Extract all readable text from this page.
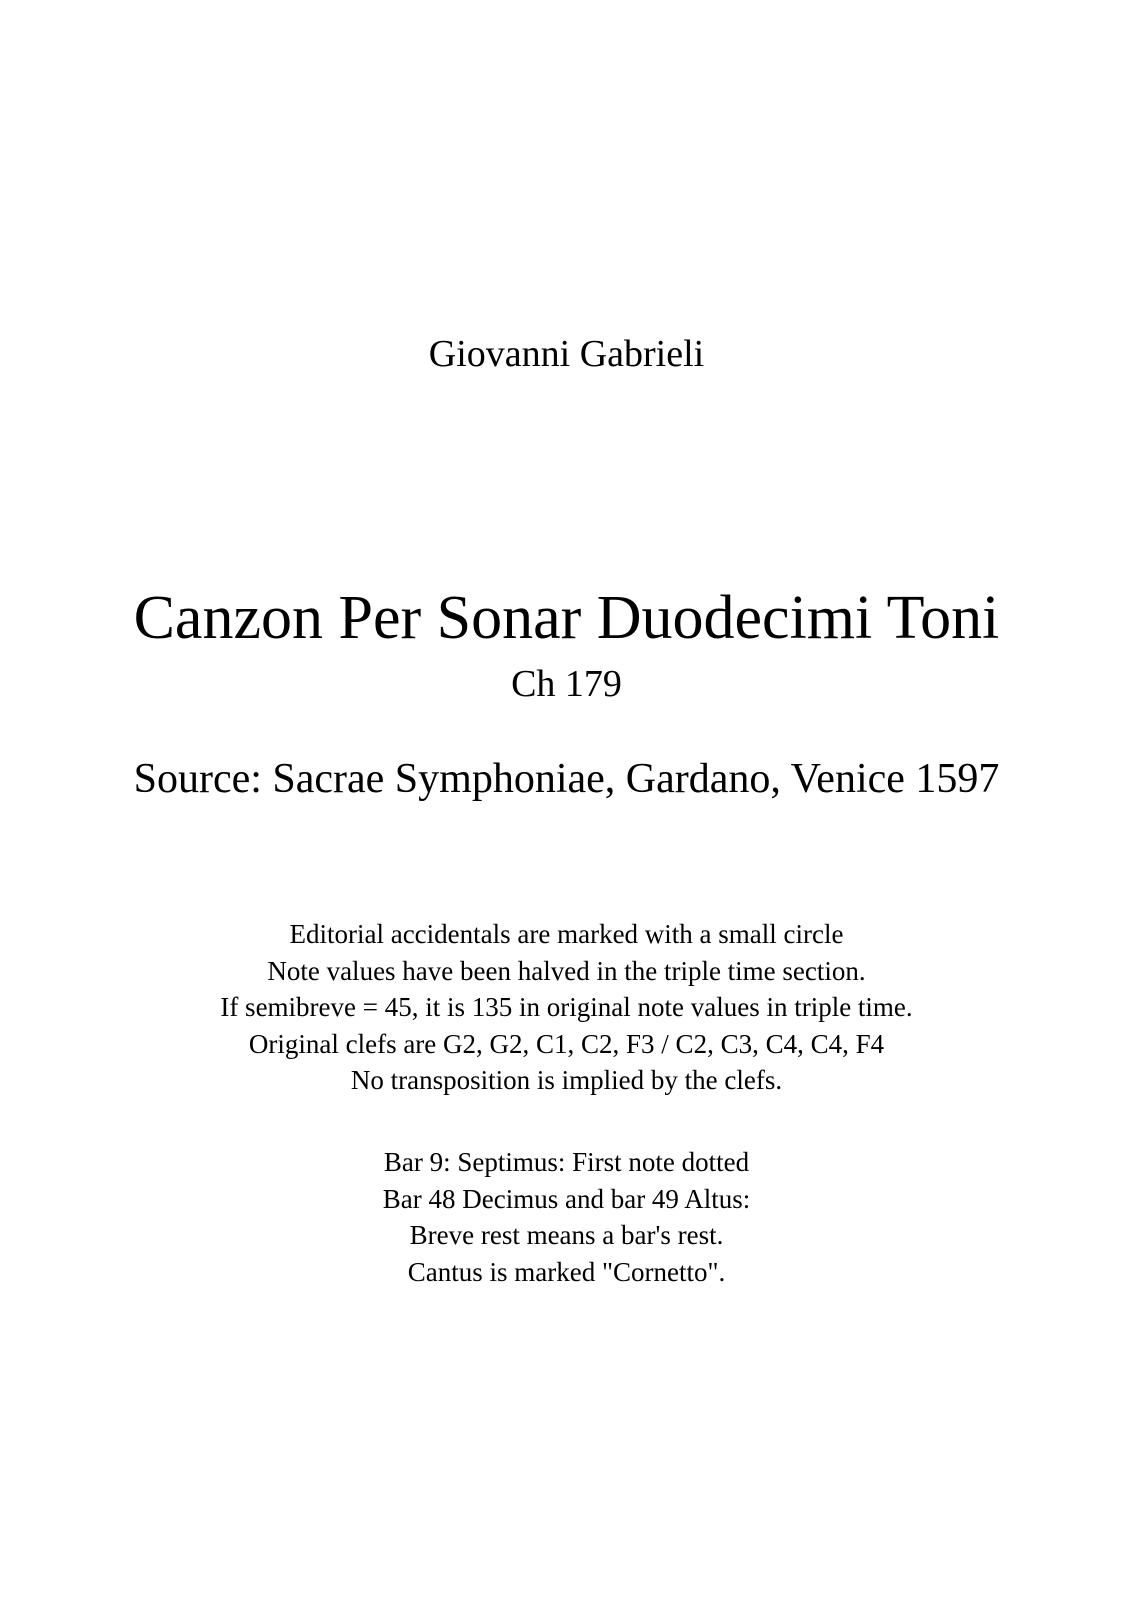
Giovanni Gabrieli
Canzon Per Sonar Duodecimi Toni
Ch 179
Source: Sacrae Symphoniae, Gardano, Venice 1597
Editorial accidentals are marked with a small circle
Note values have been halved in the triple time section.
If semibreve = 45, it is 135 in original note values in triple time.
Original clefs are G2, G2, C1, C2, F3 / C2, C3, C4, C4, F4
No transposition is implied by the clefs.
Bar 9: Septimus: First note dotted
Bar 48 Decimus and bar 49 Altus:
Breve rest means a bar's rest.
Cantus is marked "Cornetto".
